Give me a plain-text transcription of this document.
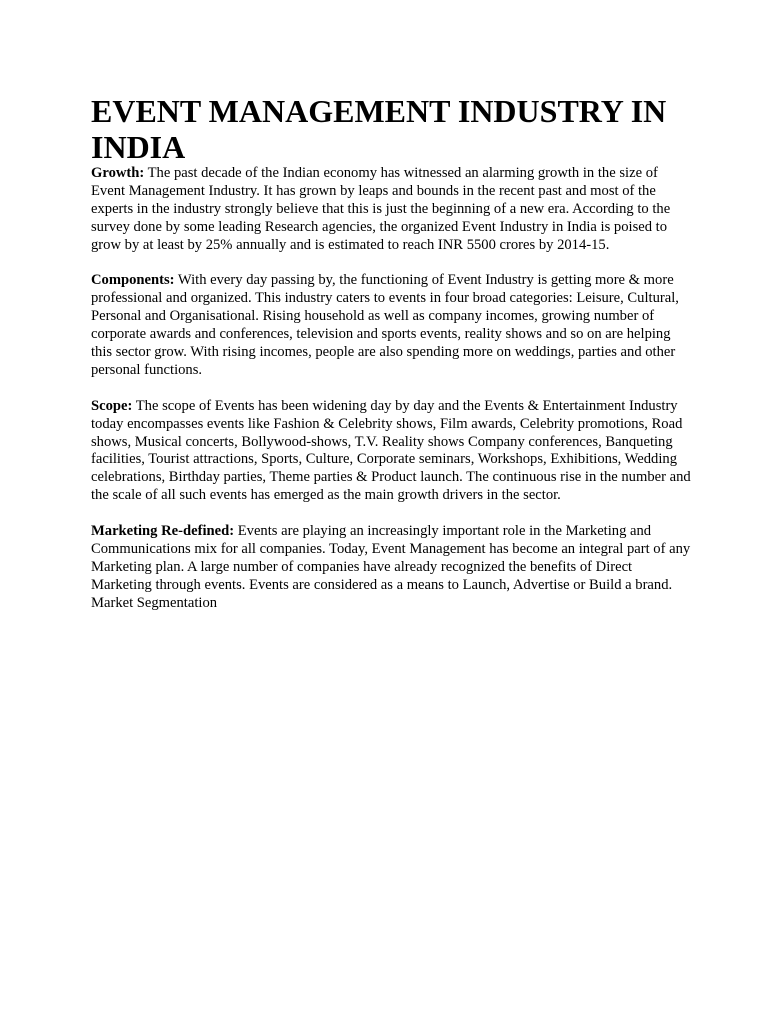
EVENT MANAGEMENT INDUSTRY IN INDIA

Growth: The past decade of the Indian economy has witnessed an alarming growth in the size of Event Management Industry. It has grown by leaps and bounds in the recent past and most of the experts in the industry strongly believe that this is just the beginning of a new era. According to the survey done by some leading Research agencies, the organized Event Industry in India is poised to grow by at least by 25% annually and is estimated to reach INR 5500 crores by 2014-15.

Components: With every day passing by, the functioning of Event Industry is getting more & more professional and organized. This industry caters to events in four broad categories: Leisure, Cultural, Personal and Organisational. Rising household as well as company incomes, growing number of corporate awards and conferences, television and sports events, reality shows and so on are helping this sector grow. With rising incomes, people are also spending more on weddings, parties and other personal functions.

Scope: The scope of Events has been widening day by day and the Events & Entertainment Industry today encompasses events like Fashion & Celebrity shows, Film awards, Celebrity promotions, Road shows, Musical concerts, Bollywood-shows, T.V. Reality shows Company conferences, Banqueting facilities, Tourist attractions, Sports, Culture, Corporate seminars, Workshops, Exhibitions, Wedding celebrations, Birthday parties, Theme parties & Product launch. The continuous rise in the number and the scale of all such events has emerged as the main growth drivers in the sector.

Marketing Re-defined: Events are playing an increasingly important role in the Marketing and Communications mix for all companies. Today, Event Management has become an integral part of any Marketing plan. A large number of companies have already recognized the benefits of Direct Marketing through events. Events are considered as a means to Launch, Advertise or Build a brand.

Market Segmentation
